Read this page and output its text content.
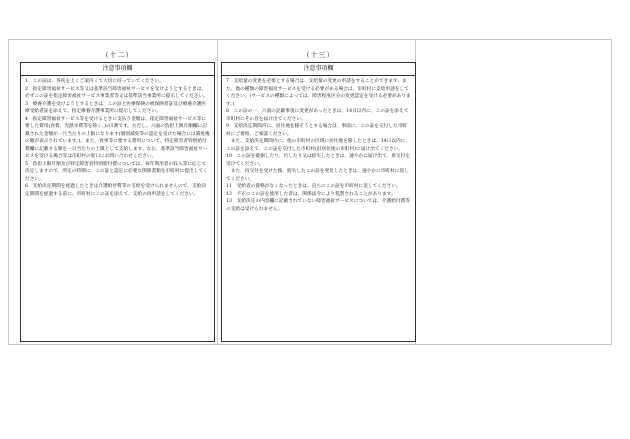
（十二）
注意事項欄

1　この証は、各疾を上くご案内くて大切に持っていてください。

2　指定障害福祉サービス等又は基準該当障害福祉サービスを受けようとするときは、必ずこの証を指定障害福祉サービス事業者等又は基準該当事業所に提示してください。

3　療養介護を受けようとするときは、この証と医療保険の被保険者証及び療養介護医療受給者証を添えて、指定療養介護事業所に提示してください。

4　指定障害福祉サービス等を受けるときに支払う金額は、指定障害福祉サービス等に要した費用(食費、光熱水費等を除く。)の1割です。ただし、六面の負担上限月額欄に記載された金額が一月当たりの上限になります(個別減免等の認定を受けた場合には減免後の額が表示されています。)。また、食事等に要する費用について、特定障害者特別給付費欄に記載する額を一日当たりの上限として支給します。なお、基準該当障害福祉サービスを受ける場合等は市町村の窓口にお問い合わせください。

5　負担上限月額及び特定障害者特別給付費については、毎年利用者の収入等に応じて決定しますので、所定の時期に、この証と認定に必要な関係書類を市町村に提出してください。

6　支給決定期間を経過したときは介護給付費等の支給を受けられませんので、支給決定期間を経過する前に、市町村にこの証を添えて、支給の再申請をしてください。

（十三）
注意事項欄

7　支給量の変更を必要とする場合は、支給量の変更の申請をすることができます。また、他の種類の障害福祉サービスを受ける必要がある場合は、市町村に支給申請をしてください。(サービスの種類によっては、障害程度区分の変更認定を受ける必要があります。)

8　この証の一、六面の記載事項に変更があったときは、14日以内に、この証を添えて市町村にその旨を届け出てください。

9　支給決定期間内に、居住地を移そうとする場合は、事前に、この証を交付した市町村にご連絡、ご相談ください。

　また、支給決定期間内に、他の市町村の区域に居住地を移したときは、14日以内に、この証を添えて、この証を交付した市町村(旧居住地の市町村)に届け出てください。

10　この証を破損したり、汚したり又は紛失したときは、速やかに届け出て、再交付を受けてください。

　また、再交付を受けた後、紛失したこの証を発見したときは、速やかに市町村に返してください。

11　受給者の資格がなくなったときは、直ちにこの証を市町村に返してください。

12　不正にこの証を使用した者は、関係法令により処罰されることがあります。

13　支給決定の内容欄に記載されていない障害福祉サービスについては、介護給付費等の支給は受けられません。
